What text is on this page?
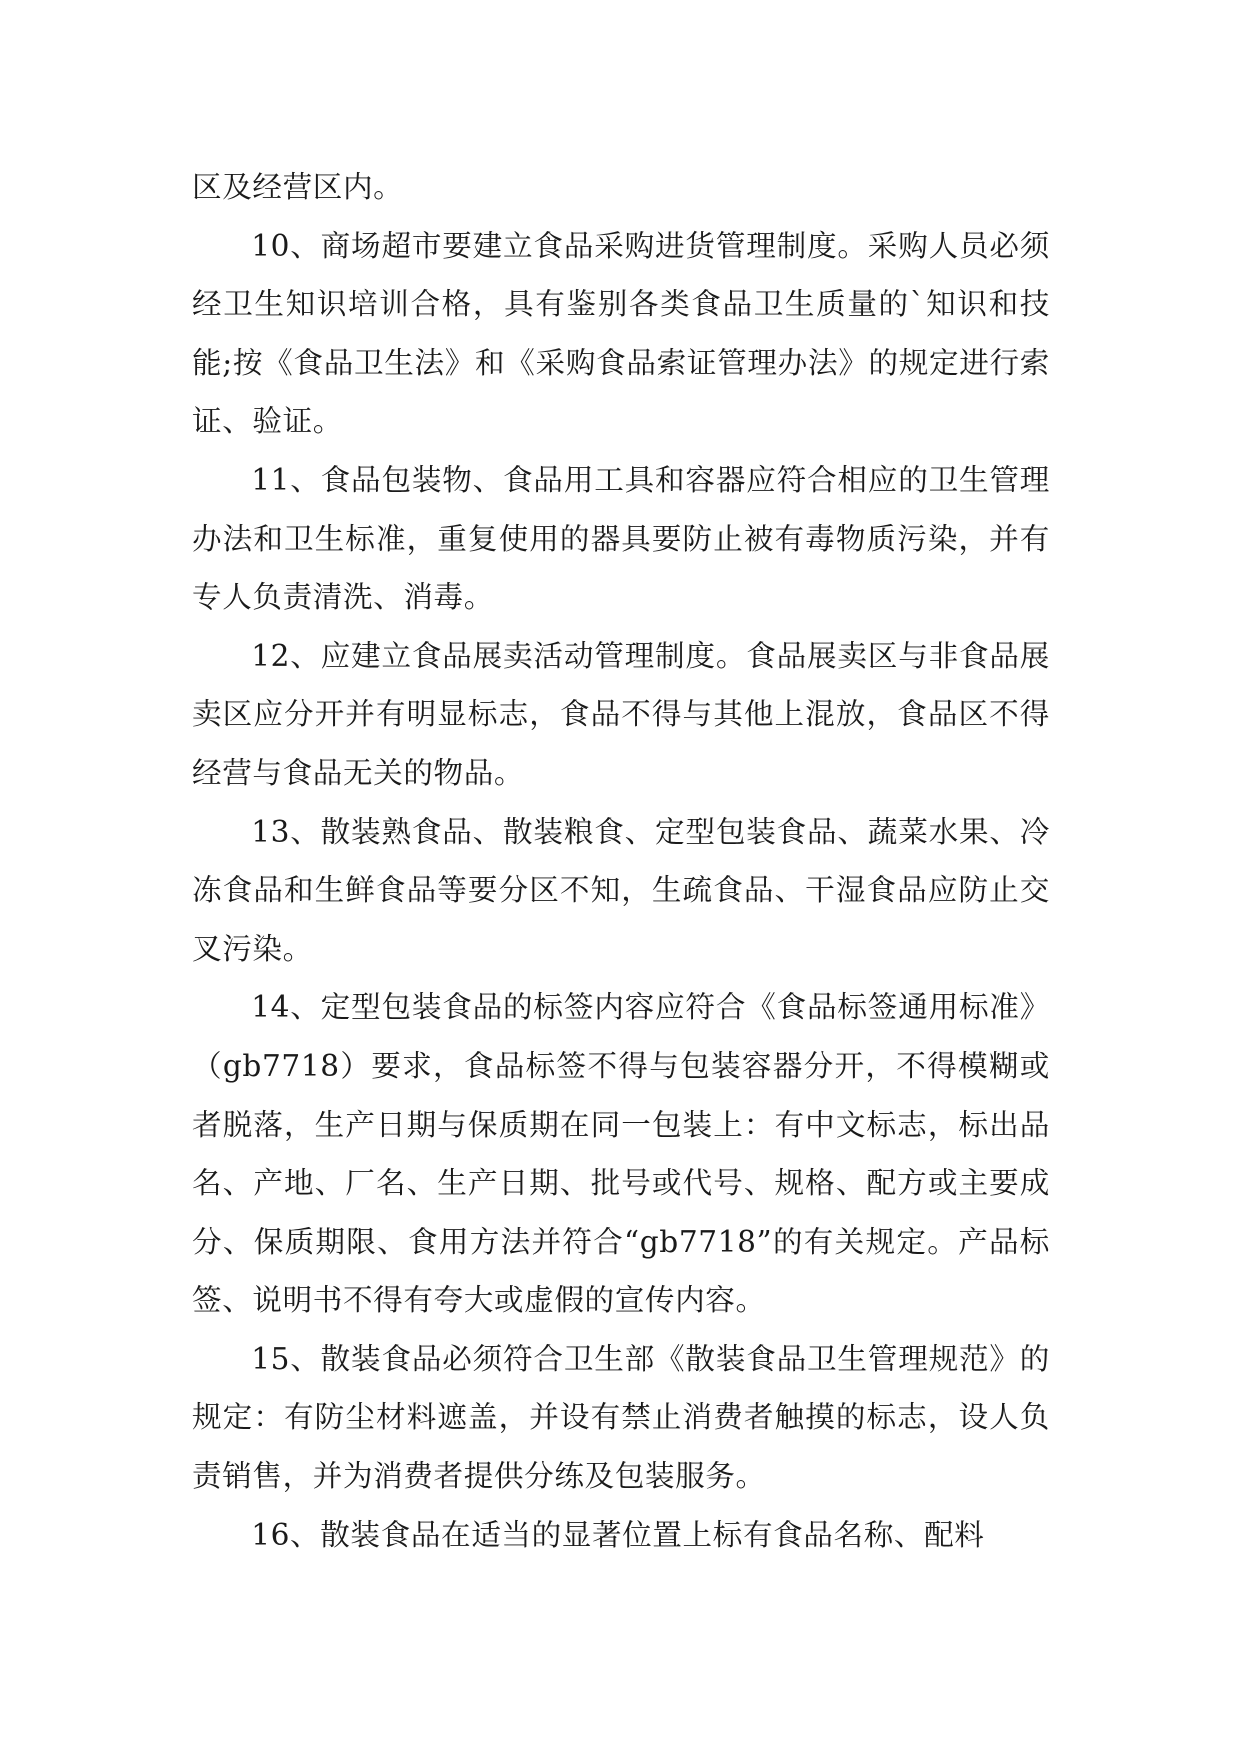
区及经营区内。

10、商场超市要建立食品采购进货管理制度。采购人员必须经卫生知识培训合格，具有鉴别各类食品卫生质量的`知识和技能;按《食品卫生法》和《采购食品索证管理办法》的规定进行索证、验证。

11、食品包装物、食品用工具和容器应符合相应的卫生管理办法和卫生标准，重复使用的器具要防止被有毒物质污染，并有专人负责清洗、消毒。

12、应建立食品展卖活动管理制度。食品展卖区与非食品展卖区应分开并有明显标志，食品不得与其他上混放，食品区不得经营与食品无关的物品。

13、散装熟食品、散装粮食、定型包装食品、蔬菜水果、冷冻食品和生鲜食品等要分区不知，生疏食品、干湿食品应防止交叉污染。

14、定型包装食品的标签内容应符合《食品标签通用标准》（gb7718）要求，食品标签不得与包装容器分开，不得模糊或者脱落，生产日期与保质期在同一包装上：有中文标志，标出品名、产地、厂名、生产日期、批号或代号、规格、配方或主要成分、保质期限、食用方法并符合“gb7718”的有关规定。产品标签、说明书不得有夸大或虚假的宣传内容。

15、散装食品必须符合卫生部《散装食品卫生管理规范》的规定：有防尘材料遮盖，并设有禁止消费者触摸的标志，设人负责销售，并为消费者提供分练及包装服务。

16、散装食品在适当的显著位置上标有食品名称、配料
